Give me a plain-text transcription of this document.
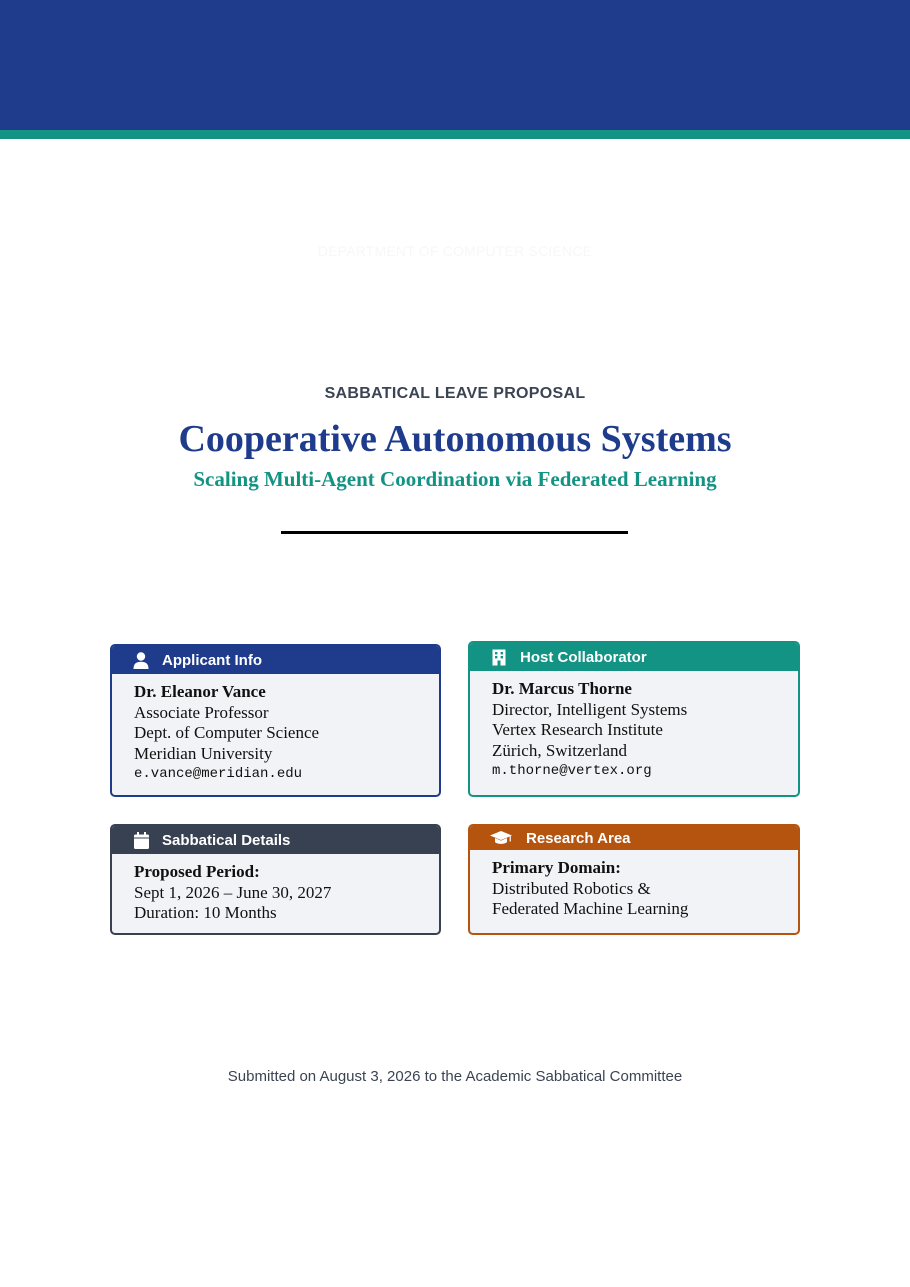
DEPARTMENT OF COMPUTER SCIENCE
SABBATICAL LEAVE PROPOSAL
Cooperative Autonomous Systems
Scaling Multi-Agent Coordination via Federated Learning
Applicant Info
Dr. Eleanor Vance
Associate Professor
Dept. of Computer Science
Meridian University
e.vance@meridian.edu
Host Collaborator
Dr. Marcus Thorne
Director, Intelligent Systems
Vertex Research Institute
Zürich, Switzerland
m.thorne@vertex.org
Sabbatical Details
Proposed Period:
Sept 1, 2026 – June 30, 2027
Duration: 10 Months
Research Area
Primary Domain:
Distributed Robotics &
Federated Machine Learning
Submitted on August 3, 2026 to the Academic Sabbatical Committee
